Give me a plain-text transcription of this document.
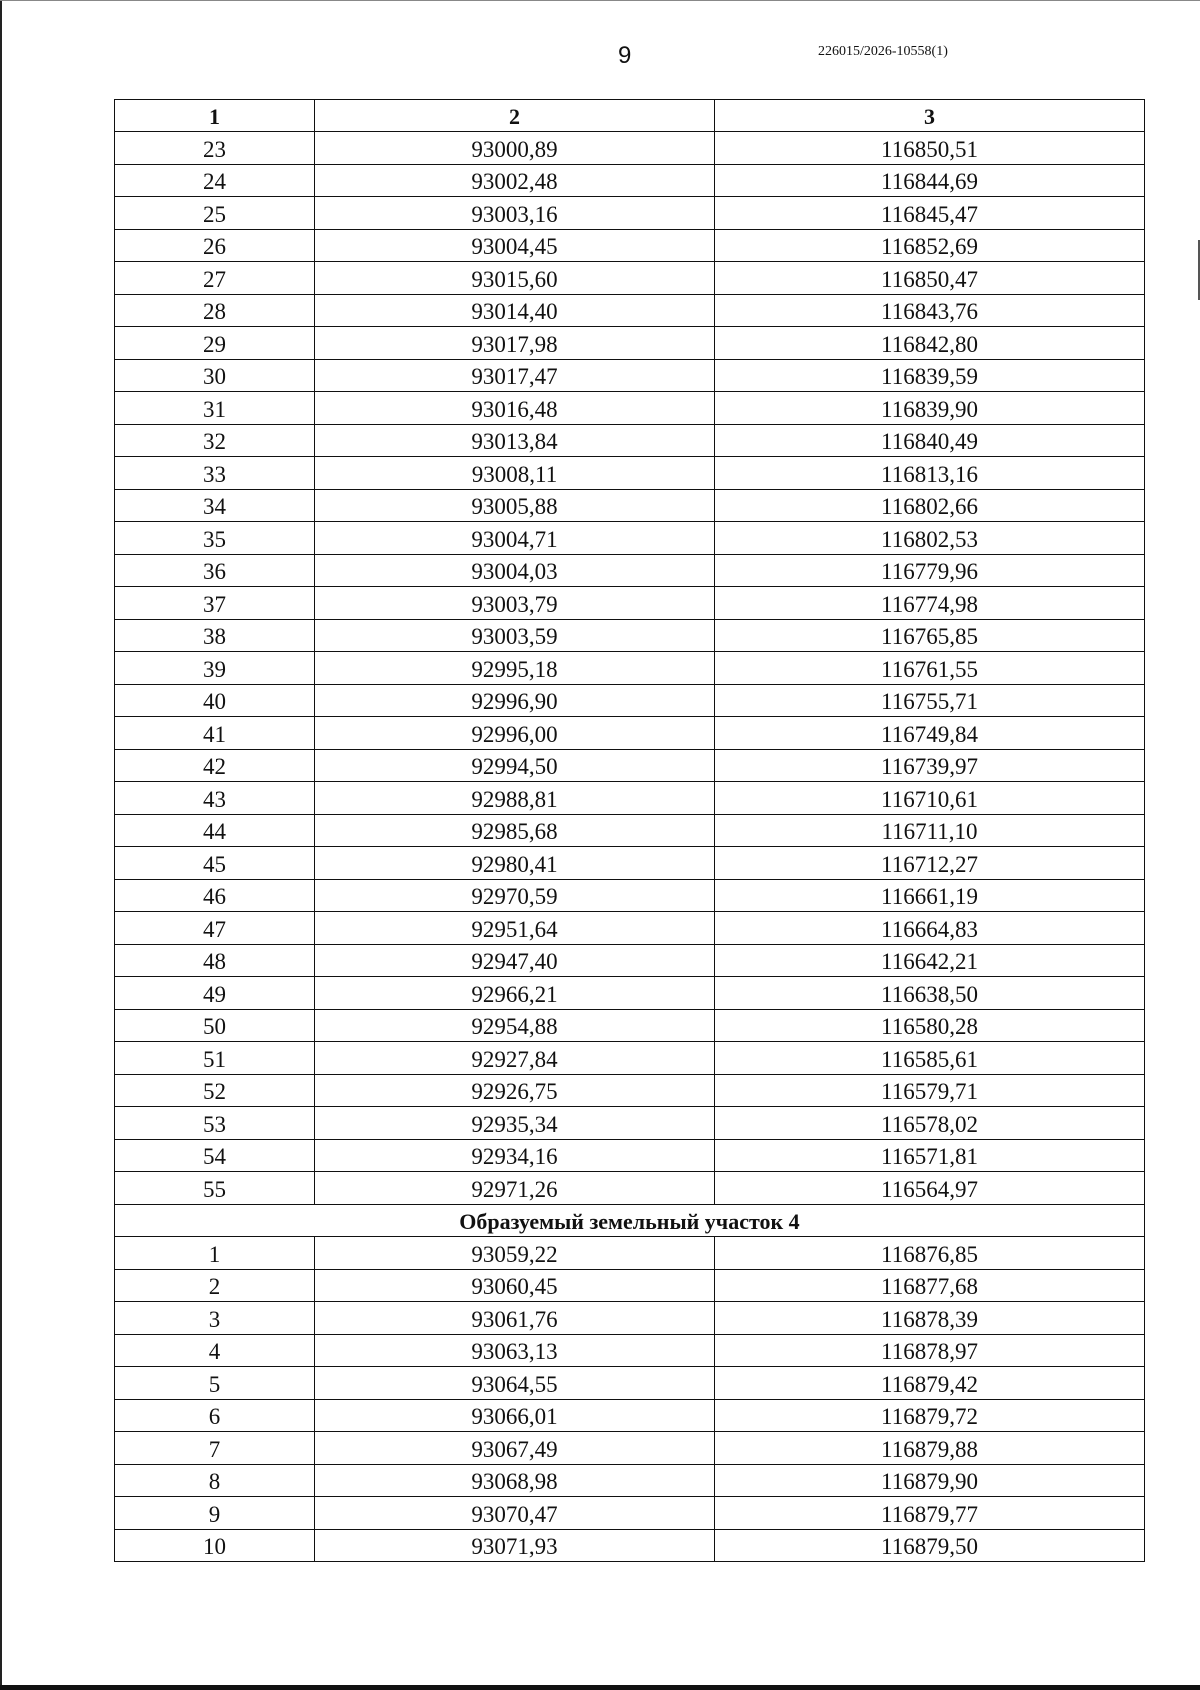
9	226015/2026-10558(1)
1	2	3
23	93000,89	116850,51
24	93002,48	116844,69
25	93003,16	116845,47
26	93004,45	116852,69
27	93015,60	116850,47
28	93014,40	116843,76
29	93017,98	116842,80
30	93017,47	116839,59
31	93016,48	116839,90
32	93013,84	116840,49
33	93008,11	116813,16
34	93005,88	116802,66
35	93004,71	116802,53
36	93004,03	116779,96
37	93003,79	116774,98
38	93003,59	116765,85
39	92995,18	116761,55
40	92996,90	116755,71
41	92996,00	116749,84
42	92994,50	116739,97
43	92988,81	116710,61
44	92985,68	116711,10
45	92980,41	116712,27
46	92970,59	116661,19
47	92951,64	116664,83
48	92947,40	116642,21
49	92966,21	116638,50
50	92954,88	116580,28
51	92927,84	116585,61
52	92926,75	116579,71
53	92935,34	116578,02
54	92934,16	116571,81
55	92971,26	116564,97
Образуемый земельный участок 4		
1	93059,22	116876,85
2	93060,45	116877,68
3	93061,76	116878,39
4	93063,13	116878,97
5	93064,55	116879,42
6	93066,01	116879,72
7	93067,49	116879,88
8	93068,98	116879,90
9	93070,47	116879,77
10	93071,93	116879,50
